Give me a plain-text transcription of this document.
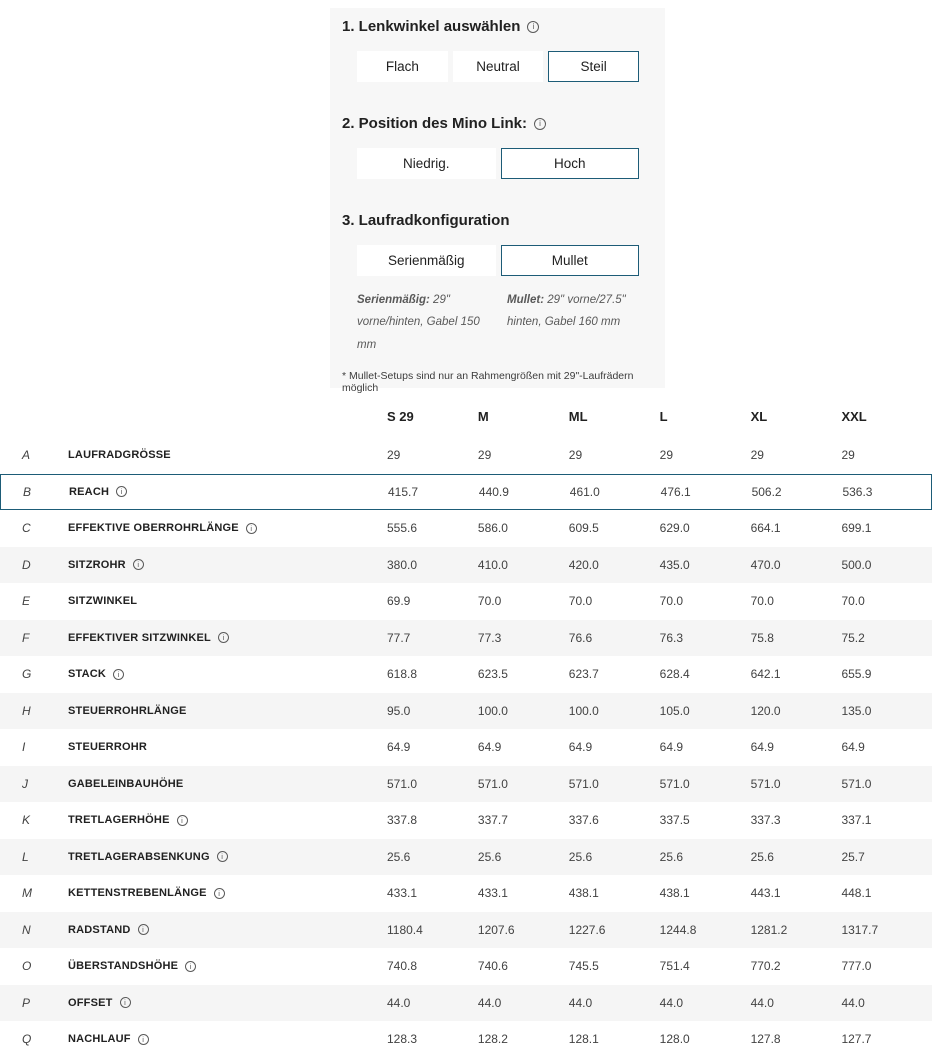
1. Lenkwinkel auswählen	i
Flach	Neutral	Steil
2. Position des Mino Link:	i
Niedrig.	Hoch
3. Laufradkonfiguration
Serienmäßig	Mullet

Serienmäßig: 29" vorne/hinten, Gabel 150 mm

Mullet: 29" vorne/27.5" hinten, Gabel 160 mm

* Mullet-Setups sind nur an Rahmengrößen mit 29"-Laufrädern möglich

S 29	M	ML	L	XL	XXL
A	LAUFRADGRÖSSE	29	29	29	29	29	29
B	REACH	i	415.7	440.9	461.0	476.1	506.2	536.3
C	EFFEKTIVE OBERROHRLÄNGE	i	555.6	586.0	609.5	629.0	664.1	699.1
D	SITZROHR	i	380.0	410.0	420.0	435.0	470.0	500.0
E	SITZWINKEL	69.9	70.0	70.0	70.0	70.0	70.0
F	EFFEKTIVER SITZWINKEL	i	77.7	77.3	76.6	76.3	75.8	75.2
G	STACK	i	618.8	623.5	623.7	628.4	642.1	655.9
H	STEUERROHRLÄNGE	95.0	100.0	100.0	105.0	120.0	135.0
I	STEUERROHR	64.9	64.9	64.9	64.9	64.9	64.9
J	GABELEINBAUHÖHE	571.0	571.0	571.0	571.0	571.0	571.0
K	TRETLAGERHÖHE	i	337.8	337.7	337.6	337.5	337.3	337.1
L	TRETLAGERABSENKUNG	i	25.6	25.6	25.6	25.6	25.6	25.7
M	KETTENSTREBENLÄNGE	i	433.1	433.1	438.1	438.1	443.1	448.1
N	RADSTAND	i	1180.4	1207.6	1227.6	1244.8	1281.2	1317.7
O	ÜBERSTANDSHÖHE	i	740.8	740.6	745.5	751.4	770.2	777.0
P	OFFSET	i	44.0	44.0	44.0	44.0	44.0	44.0
Q	NACHLAUF	i	128.3	128.2	128.1	128.0	127.8	127.7
